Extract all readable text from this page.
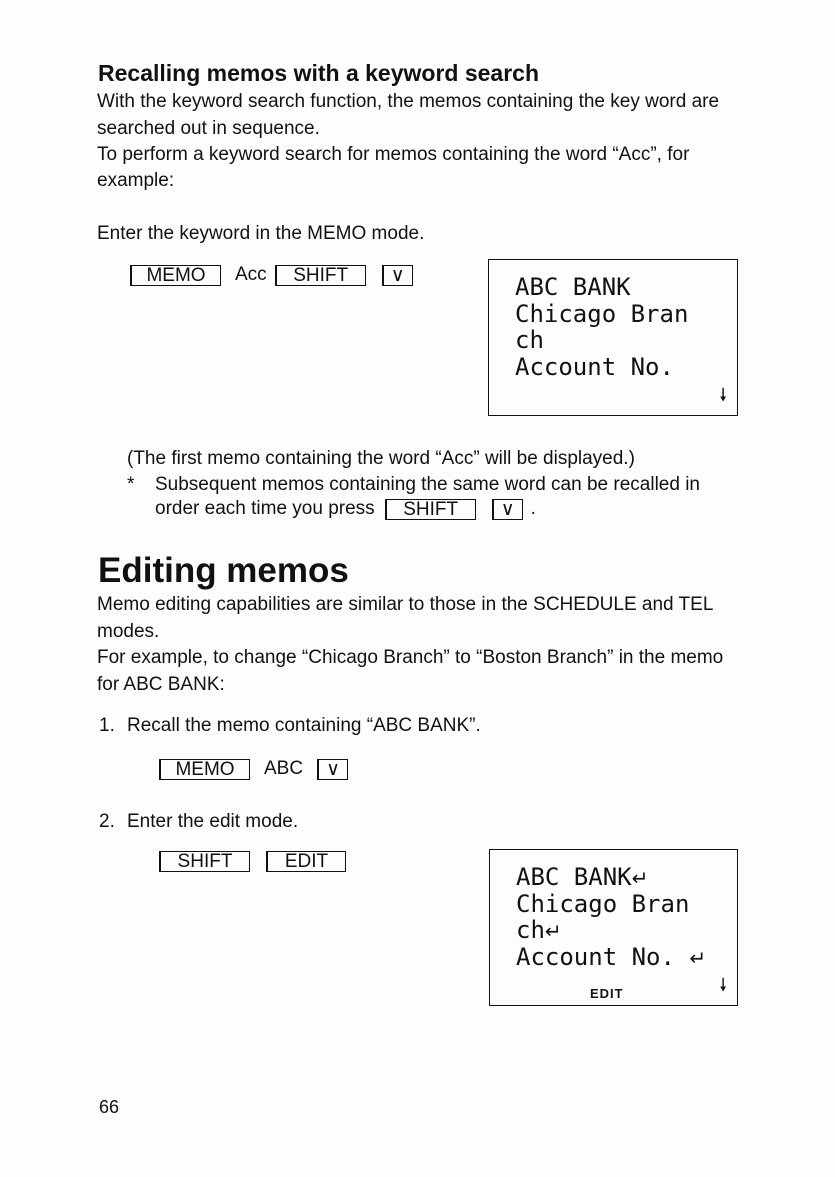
Recalling memos with a keyword search
With the keyword search function, the memos containing the key word are
searched out in sequence.
To perform a keyword search for memos containing the word “Acc”, for
example:
Enter the keyword in the MEMO mode.
MEMO	Acc	SHIFT	∨	ABC BANK
Chicago Bran
ch
Account No.
🠗
(The first memo containing the word “Acc” will be displayed.)
* Subsequent memos containing the same word can be recalled in
order each time you press	SHIFT	∨ .
Editing memos
Memo editing capabilities are similar to those in the SCHEDULE and TEL
modes.
For example, to change “Chicago Branch” to “Boston Branch” in the memo
for ABC BANK:
1. Recall the memo containing “ABC BANK”.
MEMO	ABC	∨
2. Enter the edit mode.
SHIFT	EDIT
ABC BANK↵
Chicago Bran
ch↵
Account No. ↵
EDIT	🠗
66
